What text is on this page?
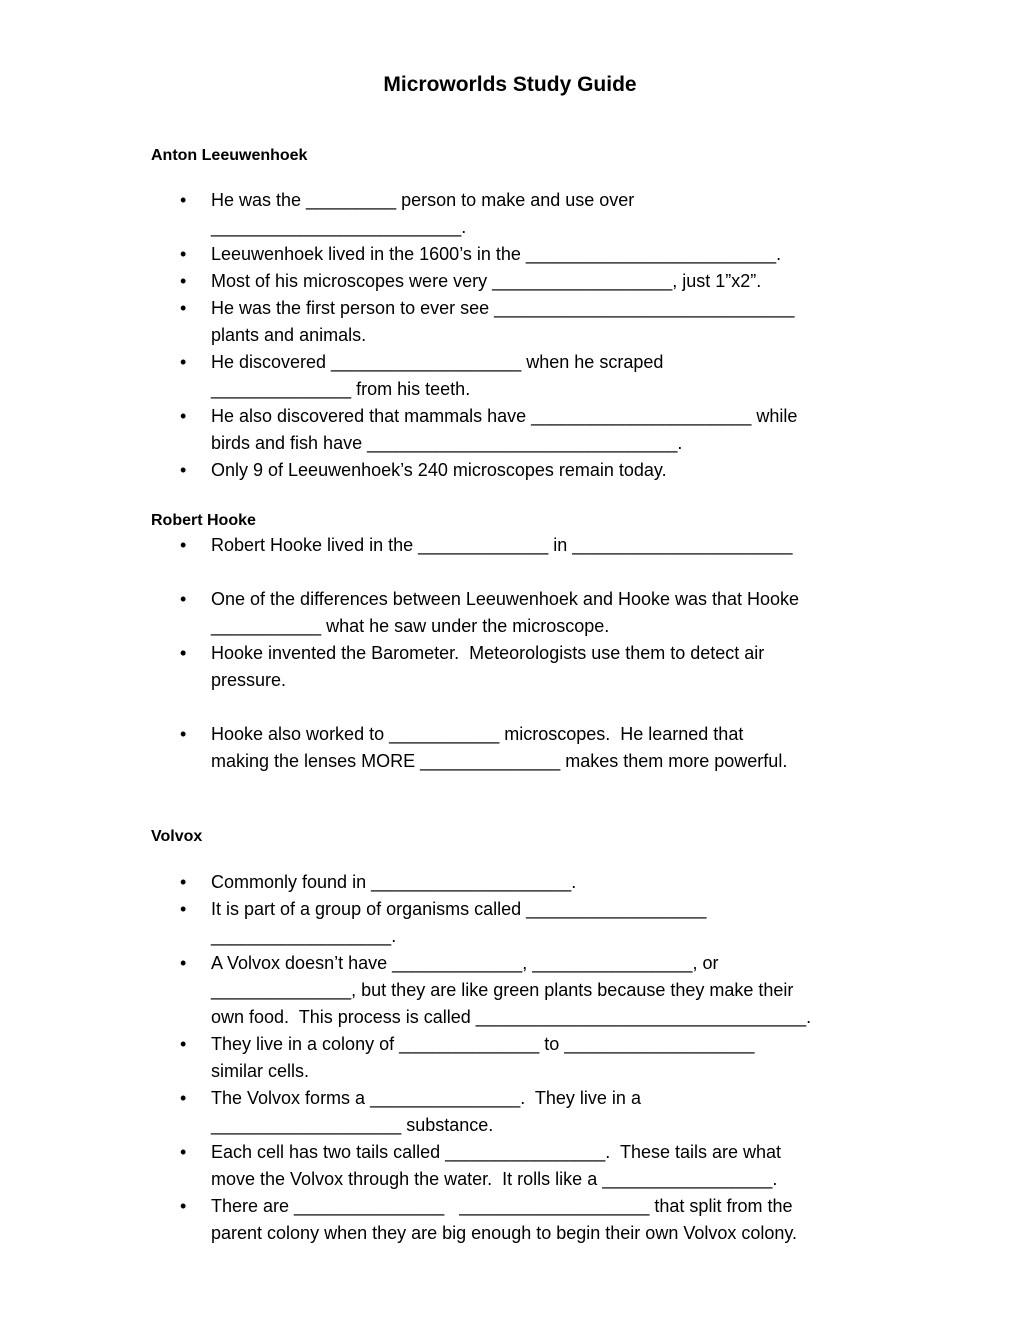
Microworlds Study Guide
Anton Leeuwenhoek
• He was the _________ person to make and use over
_________________________.
• Leeuwenhoek lived in the 1600’s in the _________________________.
• Most of his microscopes were very __________________, just 1”x2”.
• He was the first person to ever see ______________________________
plants and animals.
• He discovered ___________________ when he scraped
______________ from his teeth.
• He also discovered that mammals have ______________________ while
birds and fish have _______________________________.
• Only 9 of Leeuwenhoek’s 240 microscopes remain today.
Robert Hooke
• Robert Hooke lived in the _____________ in ______________________
• One of the differences between Leeuwenhoek and Hooke was that Hooke
___________ what he saw under the microscope.
• Hooke invented the Barometer.  Meteorologists use them to detect air
pressure.
• Hooke also worked to ___________ microscopes.  He learned that
making the lenses MORE ______________ makes them more powerful.
Volvox
• Commonly found in ____________________.
• It is part of a group of organisms called __________________
__________________.
• A Volvox doesn’t have _____________, ________________, or
______________, but they are like green plants because they make their
own food.  This process is called _________________________________.
• They live in a colony of ______________ to ___________________
similar cells.
• The Volvox forms a _______________.  They live in a
___________________ substance.
• Each cell has two tails called ________________.  These tails are what
move the Volvox through the water.  It rolls like a _________________.
• There are _______________   ___________________ that split from the
parent colony when they are big enough to begin their own Volvox colony.
